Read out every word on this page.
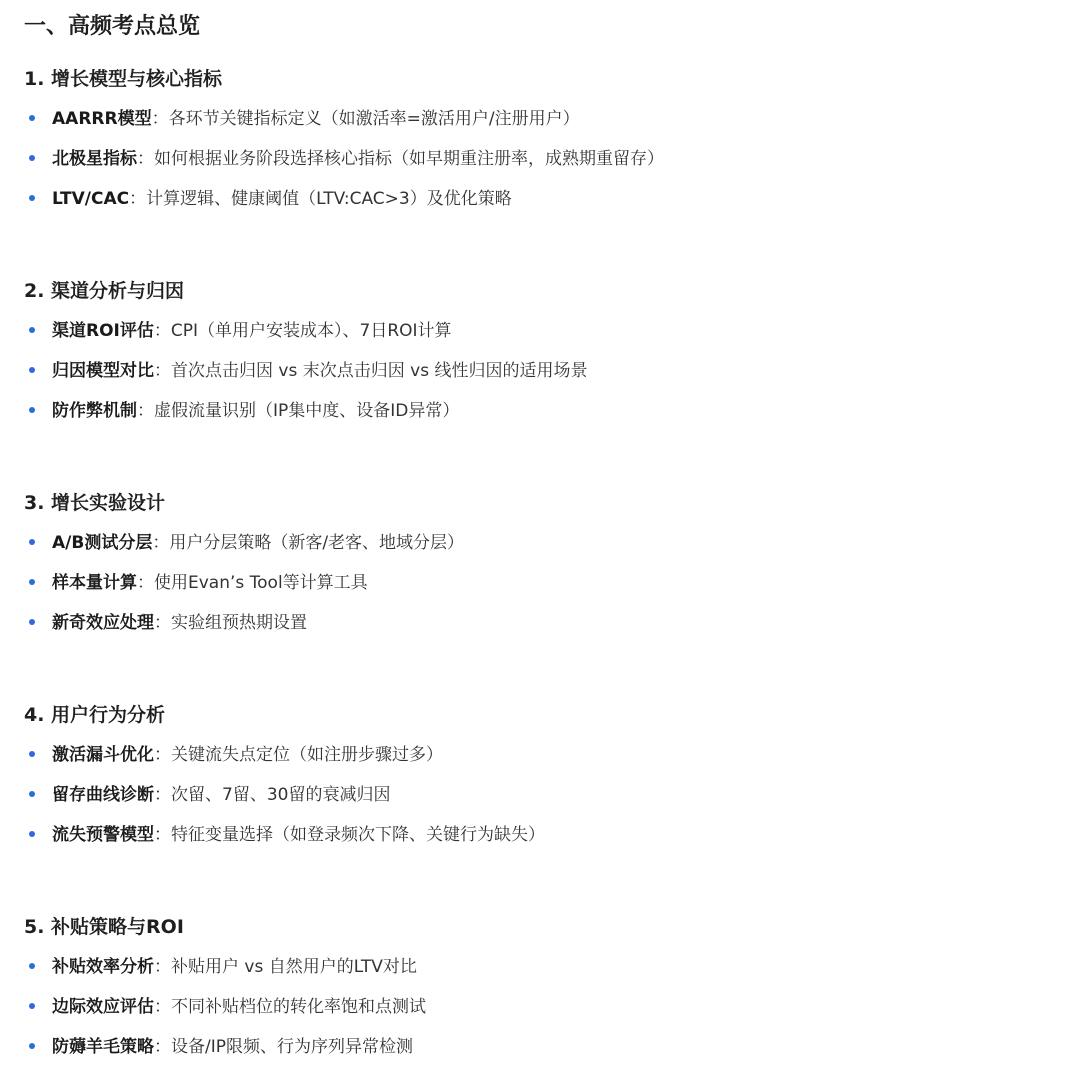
一、高频考点总览
1. 增长模型与核心指标
AARRR模型：各环节关键指标定义（如激活率=激活用户/注册用户）
北极星指标：如何根据业务阶段选择核心指标（如早期重注册率，成熟期重留存）
LTV/CAC：计算逻辑、健康阈值（LTV:CAC>3）及优化策略
2. 渠道分析与归因
渠道ROI评估：CPI（单用户安装成本）、7日ROI计算
归因模型对比：首次点击归因 vs 末次点击归因 vs 线性归因的适用场景
防作弊机制：虚假流量识别（IP集中度、设备ID异常）
3. 增长实验设计
A/B测试分层：用户分层策略（新客/老客、地域分层）
样本量计算：使用Evan’s Tool等计算工具
新奇效应处理：实验组预热期设置
4. 用户行为分析
激活漏斗优化：关键流失点定位（如注册步骤过多）
留存曲线诊断：次留、7留、30留的衰减归因
流失预警模型：特征变量选择（如登录频次下降、关键行为缺失）
5. 补贴策略与ROI
补贴效率分析：补贴用户 vs 自然用户的LTV对比
边际效应评估：不同补贴档位的转化率饱和点测试
防薅羊毛策略：设备/IP限频、行为序列异常检测
